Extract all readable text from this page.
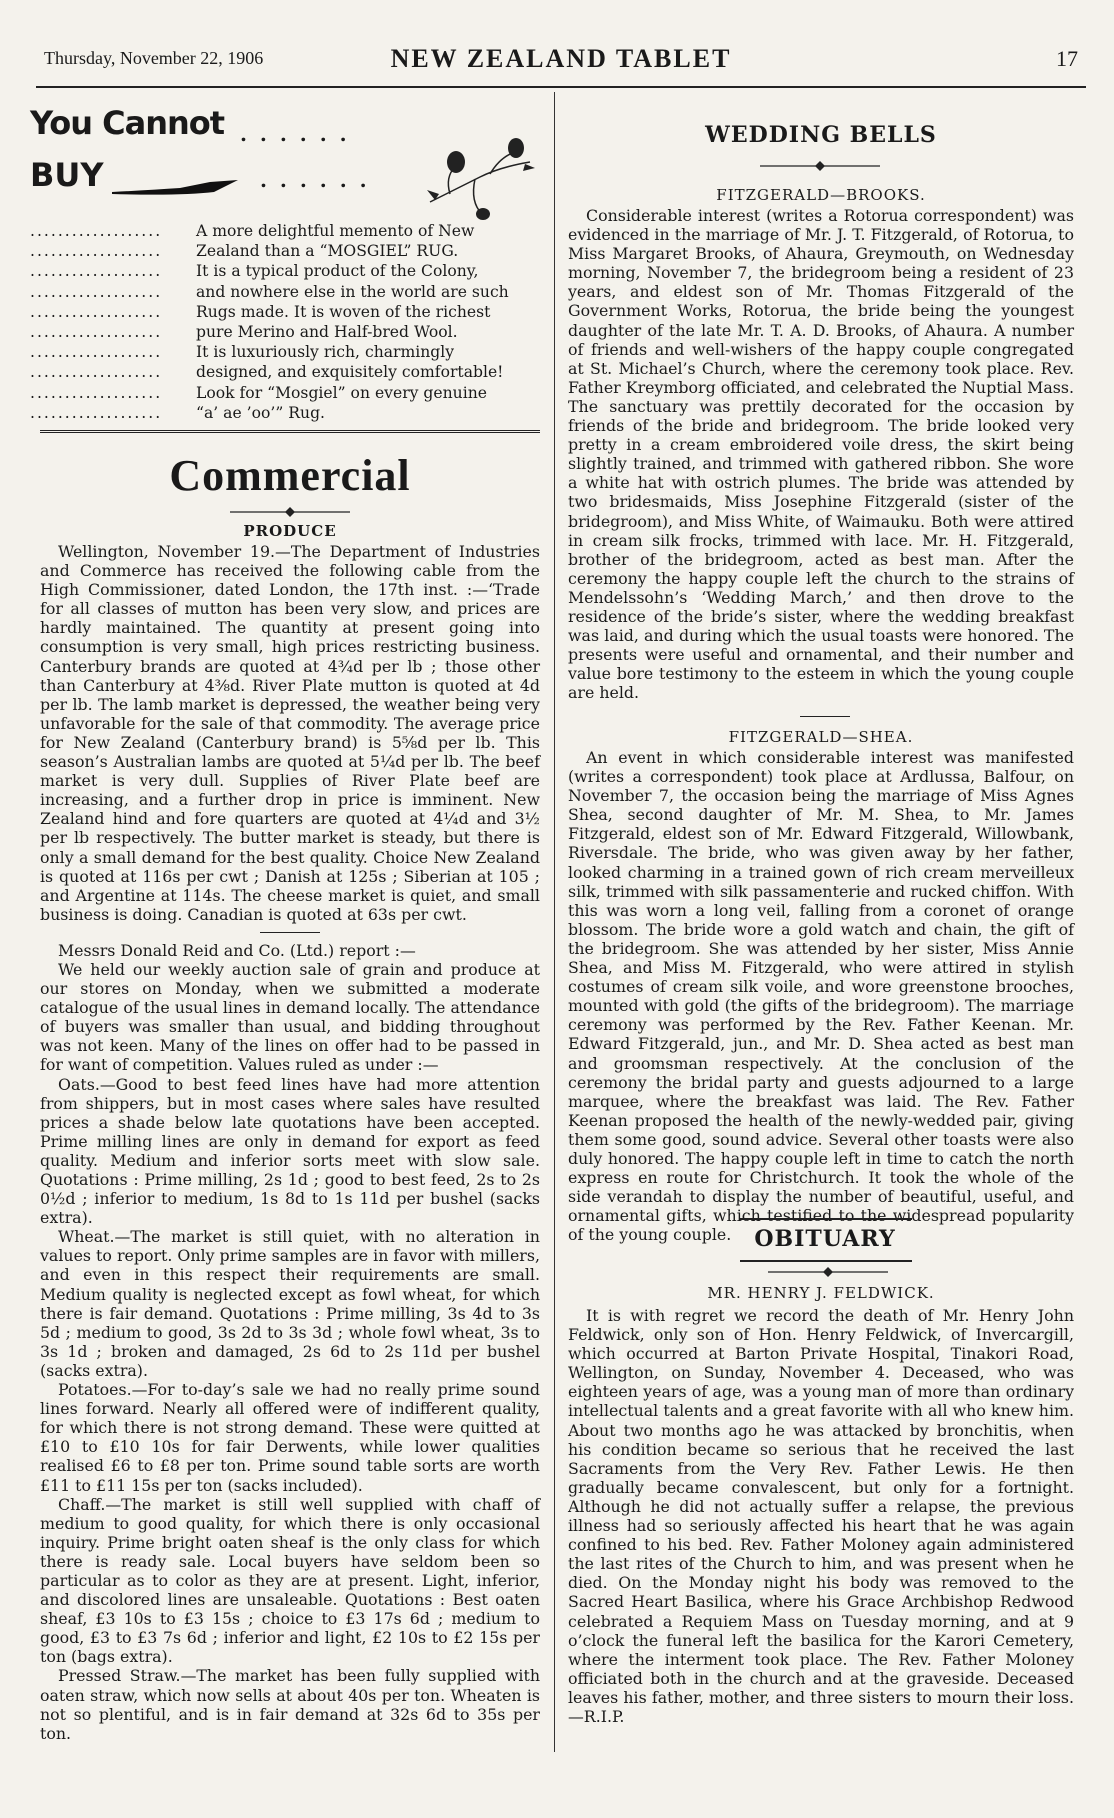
Thursday, November 22, 1906	NEW ZEALAND TABLET	17
You Cannot . . . . . .
BUY	. . . . . .
...................	A more delightful memento of New
...................	Zealand than a “MOSGIEL” RUG.
...................	It is a typical product of the Colony,
...................	and nowhere else in the world are such
...................	Rugs made. It is woven of the richest
...................	pure Merino and Half-bred Wool.
...................	It is luxuriously rich, charmingly
...................	designed, and exquisitely comfortable!
...................	Look for “Mosgiel” on every genuine
...................	“a’ ae ’oo’” Rug.
Commercial
PRODUCE

Wellington, November 19.—The Department of Industries and Commerce has received the following cable from the High Commissioner, dated London, the 17th inst. :—‘Trade for all classes of mutton has been very slow, and prices are hardly maintained. The quantity at present going into consumption is very small, high prices restricting business. Canterbury brands are quoted at 4¾d per lb ; those other than Canterbury at 4⅜d. River Plate mutton is quoted at 4d per lb. The lamb market is depressed, the weather being very unfavorable for the sale of that commodity. The average price for New Zealand (Canterbury brand) is 5⅝d per lb. This season’s Australian lambs are quoted at 5¼d per lb. The beef market is very dull. Supplies of River Plate beef are increasing, and a further drop in price is imminent. New Zealand hind and fore quarters are quoted at 4¼d and 3½ per lb respectively. The butter market is steady, but there is only a small demand for the best quality. Choice New Zealand is quoted at 116s per cwt ; Danish at 125s ; Siberian at 105 ; and Argentine at 114s. The cheese market is quiet, and small business is doing. Canadian is quoted at 63s per cwt.

Messrs Donald Reid and Co. (Ltd.) report :—

We held our weekly auction sale of grain and produce at our stores on Monday, when we submitted a moderate catalogue of the usual lines in demand locally. The attendance of buyers was smaller than usual, and bidding throughout was not keen. Many of the lines on offer had to be passed in for want of competition. Values ruled as under :—

Oats.—Good to best feed lines have had more attention from shippers, but in most cases where sales have resulted prices a shade below late quotations have been accepted. Prime milling lines are only in demand for export as feed quality. Medium and inferior sorts meet with slow sale. Quotations : Prime milling, 2s 1d ; good to best feed, 2s to 2s 0½d ; inferior to medium, 1s 8d to 1s 11d per bushel (sacks extra).

Wheat.—The market is still quiet, with no alteration in values to report. Only prime samples are in favor with millers, and even in this respect their requirements are small. Medium quality is neglected except as fowl wheat, for which there is fair demand. Quotations : Prime milling, 3s 4d to 3s 5d ; medium to good, 3s 2d to 3s 3d ; whole fowl wheat, 3s to 3s 1d ; broken and damaged, 2s 6d to 2s 11d per bushel (sacks extra).

Potatoes.—For to-day’s sale we had no really prime sound lines forward. Nearly all offered were of indifferent quality, for which there is not strong demand. These were quitted at £10 to £10 10s for fair Derwents, while lower qualities realised £6 to £8 per ton. Prime sound table sorts are worth £11 to £11 15s per ton (sacks included).

Chaff.—The market is still well supplied with chaff of medium to good quality, for which there is only occasional inquiry. Prime bright oaten sheaf is the only class for which there is ready sale. Local buyers have seldom been so particular as to color as they are at present. Light, inferior, and discolored lines are unsaleable. Quotations : Best oaten sheaf, £3 10s to £3 15s ; choice to £3 17s 6d ; medium to good, £3 to £3 7s 6d ; inferior and light, £2 10s to £2 15s per ton (bags extra).

Pressed Straw.—The market has been fully supplied with oaten straw, which now sells at about 40s per ton. Wheaten is not so plentiful, and is in fair demand at 32s 6d to 35s per ton.

WEDDING BELLS
FITZGERALD—BROOKS.

Considerable interest (writes a Rotorua correspondent) was evidenced in the marriage of Mr. J. T. Fitzgerald, of Rotorua, to Miss Margaret Brooks, of Ahaura, Greymouth, on Wednesday morning, November 7, the bridegroom being a resident of 23 years, and eldest son of Mr. Thomas Fitzgerald of the Government Works, Rotorua, the bride being the youngest daughter of the late Mr. T. A. D. Brooks, of Ahaura. A number of friends and well-wishers of the happy couple congregated at St. Michael’s Church, where the ceremony took place. Rev. Father Kreymborg officiated, and celebrated the Nuptial Mass. The sanctuary was prettily decorated for the occasion by friends of the bride and bridegroom. The bride looked very pretty in a cream embroidered voile dress, the skirt being slightly trained, and trimmed with gathered ribbon. She wore a white hat with ostrich plumes. The bride was attended by two bridesmaids, Miss Josephine Fitzgerald (sister of the bridegroom), and Miss White, of Waimauku. Both were attired in cream silk frocks, trimmed with lace. Mr. H. Fitzgerald, brother of the bridegroom, acted as best man. After the ceremony the happy couple left the church to the strains of Mendelssohn’s ‘Wedding March,’ and then drove to the residence of the bride’s sister, where the wedding breakfast was laid, and during which the usual toasts were honored. The presents were useful and ornamental, and their number and value bore testimony to the esteem in which the young couple are held.

FITZGERALD—SHEA.

An event in which considerable interest was manifested (writes a correspondent) took place at Ardlussa, Balfour, on November 7, the occasion being the marriage of Miss Agnes Shea, second daughter of Mr. M. Shea, to Mr. James Fitzgerald, eldest son of Mr. Edward Fitzgerald, Willowbank, Riversdale. The bride, who was given away by her father, looked charming in a trained gown of rich cream merveilleux silk, trimmed with silk passamenterie and rucked chiffon. With this was worn a long veil, falling from a coronet of orange blossom. The bride wore a gold watch and chain, the gift of the bridegroom. She was attended by her sister, Miss Annie Shea, and Miss M. Fitzgerald, who were attired in stylish costumes of cream silk voile, and wore greenstone brooches, mounted with gold (the gifts of the bridegroom). The marriage ceremony was performed by the Rev. Father Keenan. Mr. Edward Fitzgerald, jun., and Mr. D. Shea acted as best man and groomsman respectively. At the conclusion of the ceremony the bridal party and guests adjourned to a large marquee, where the breakfast was laid. The Rev. Father Keenan proposed the health of the newly-wedded pair, giving them some good, sound advice. Several other toasts were also duly honored. The happy couple left in time to catch the north express en route for Christchurch. It took the whole of the side verandah to display the number of beautiful, useful, and ornamental gifts, which testified to the widespread popularity of the young couple.	OBITUARY
MR. HENRY J. FELDWICK.

It is with regret we record the death of Mr. Henry John Feldwick, only son of Hon. Henry Feldwick, of Invercargill, which occurred at Barton Private Hospital, Tinakori Road, Wellington, on Sunday, November 4. Deceased, who was eighteen years of age, was a young man of more than ordinary intellectual talents and a great favorite with all who knew him. About two months ago he was attacked by bronchitis, when his condition became so serious that he received the last Sacraments from the Very Rev. Father Lewis. He then gradually became convalescent, but only for a fortnight. Although he did not actually suffer a relapse, the previous illness had so seriously affected his heart that he was again confined to his bed. Rev. Father Moloney again administered the last rites of the Church to him, and was present when he died. On the Monday night his body was removed to the Sacred Heart Basilica, where his Grace Archbishop Redwood celebrated a Requiem Mass on Tuesday morning, and at 9 o’clock the funeral left the basilica for the Karori Cemetery, where the interment took place. The Rev. Father Moloney officiated both in the church and at the graveside. Deceased leaves his father, mother, and three sisters to mourn their loss.—R.I.P.
